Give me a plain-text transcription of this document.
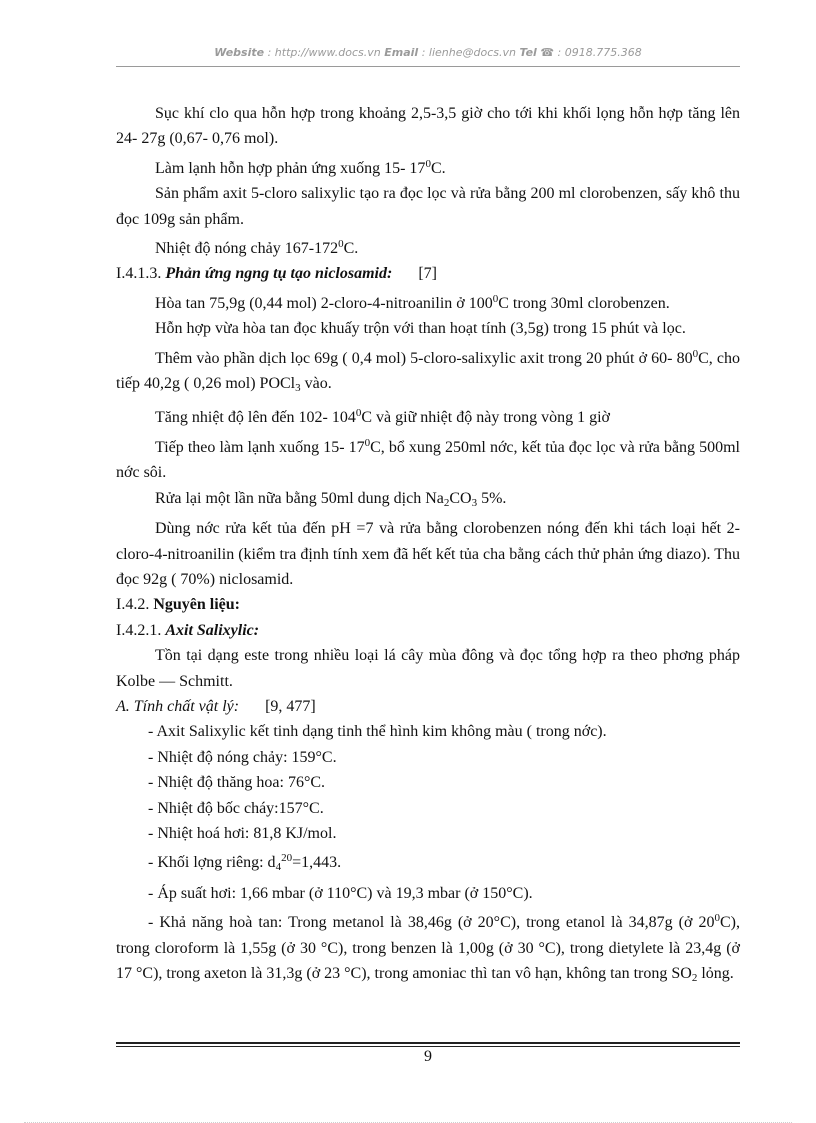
Website : http://www.docs.vn Email : lienhe@docs.vn Tel ☎ : 0918.775.368

Sục khí clo qua hỗn hợp trong khoảng 2,5-3,5 giờ cho tới khi khối lọng hỗn hợp tăng lên 24- 27g (0,67- 0,76 mol).

Làm lạnh hỗn hợp phản ứng xuống 15- $17^0C$.

Sản phẩm axit 5-cloro salixylic tạo ra đọc lọc và rửa bằng 200 ml clorobenzen, sấy khô thu đọc 109g sản phẩm.

Nhiệt độ nóng chảy $167-172^0C$.

I.4.1.3. Phản ứng ngng tụ tạo niclosamid: [7]

Hòa tan 75,9g (0,44 mol) 2-cloro-4-nitroanilin ở $100^0C$ trong 30ml clorobenzen.

Hỗn hợp vừa hòa tan đọc khuấy trộn với than hoạt tính (3,5g) trong 15 phút và lọc.

Thêm vào phần dịch lọc 69g ( 0,4 mol) 5-cloro-salixylic axit trong 20 phút ở 60- $80^0C$, cho tiếp 40,2g ( 0,26 mol) POCl$_3$ vào.

Tăng nhiệt độ lên đến 102- $104^0C$ và giữ nhiệt độ này trong vòng 1 giờ

Tiếp theo làm lạnh xuống 15- $17^0C$, bổ xung 250ml nớc, kết tủa đọc lọc và rửa bằng 500ml nớc sôi.

Rửa lại một lần nữa bằng 50ml dung dịch $Na_2CO_3$ 5%.

Dùng nớc rửa kết tủa đến pH =7 và rửa bằng clorobenzen nóng đến khi tách loại hết 2-cloro-4-nitroanilin (kiểm tra định tính xem đã hết kết tủa cha bằng cách thử phản ứng diazo). Thu đọc 92g ( 70%) niclosamid.

I.4.2. Nguyên liệu:

I.4.2.1. Axit Salixylic:

Tồn tại dạng este trong nhiều loại lá cây mùa đông và đọc tổng hợp ra theo phơng pháp Kolbe — Schmitt.

A. Tính chất vật lý: [9, 477]

- Axit Salixylic kết tinh dạng tinh thể hình kim không màu ( trong nớc).

- Nhiệt độ nóng chảy: 159°C.

- Nhiệt độ thăng hoa: 76°C.

- Nhiệt độ bốc cháy:157°C.

- Nhiệt hoá hơi: 81,8 KJ/mol.

- Khối lợng riêng: $d_4^{20}=1,443$.

- Áp suất hơi: 1,66 mbar (ở 110°C) và 19,3 mbar (ở 150°C).

- Khả năng hoà tan: Trong metanol là 38,46g (ở 20°C), trong etanol là 34,87g (ở $20^0C$), trong cloroform là 1,55g (ở 30 °C), trong benzen là 1,00g (ở 30 °C), trong dietylete là 23,4g (ở 17 °C), trong axeton là 31,3g (ở 23 °C), trong amoniac thì tan vô hạn, không tan trong $SO_2$ lỏng.

9
